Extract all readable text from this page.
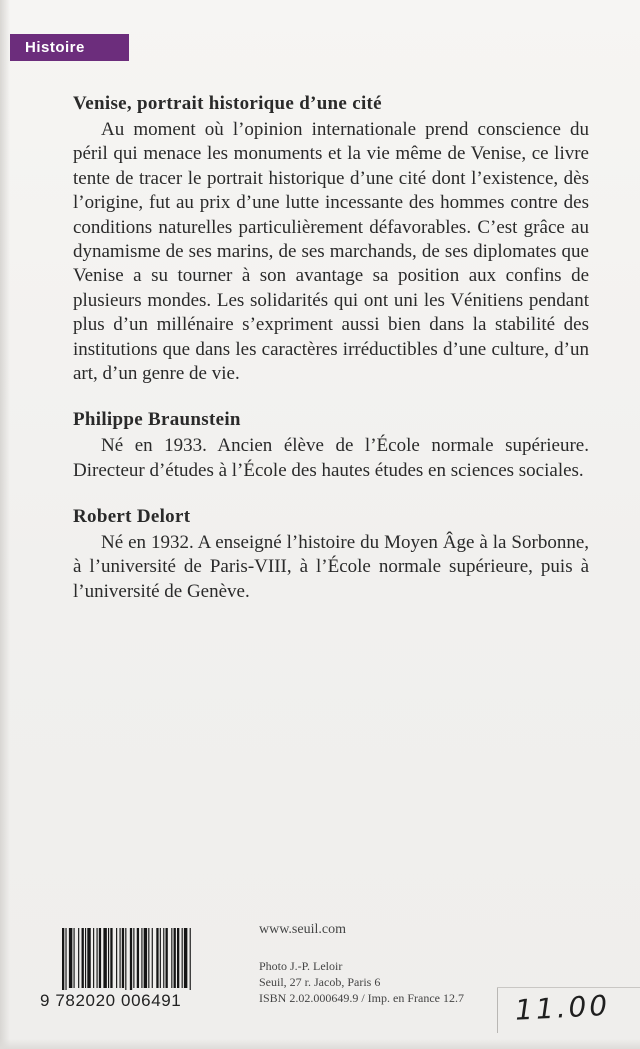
Histoire
Venise, portrait historique d’une cité

Au moment où l’opinion internationale prend conscience du péril qui menace les monuments et la vie même de Venise, ce livre tente de tracer le portrait historique d’une cité dont l’existence, dès l’origine, fut au prix d’une lutte incessante des hommes contre des conditions naturelles particulièrement défavorables. C’est grâce au dynamisme de ses marins, de ses marchands, de ses diplomates que Venise a su tourner à son avantage sa position aux confins de plusieurs mondes. Les solidarités qui ont uni les Vénitiens pendant plus d’un millénaire s’expriment aussi bien dans la stabilité des institutions que dans les caractères irréductibles d’une culture, d’un art, d’un genre de vie.

Philippe Braunstein

Né en 1933. Ancien élève de l’École normale supérieure. Directeur d’études à l’École des hautes études en sciences sociales.

Robert Delort

Né en 1932. A enseigné l’histoire du Moyen Âge à la Sorbonne, à l’université de Paris-VIII, à l’École normale supérieure, puis à l’université de Genève.

9 782020 006491
www.seuil.com
Photo J.-P. Leloir
Seuil, 27 r. Jacob, Paris 6
ISBN 2.02.000649.9 / Imp. en France 12.7	11.00
